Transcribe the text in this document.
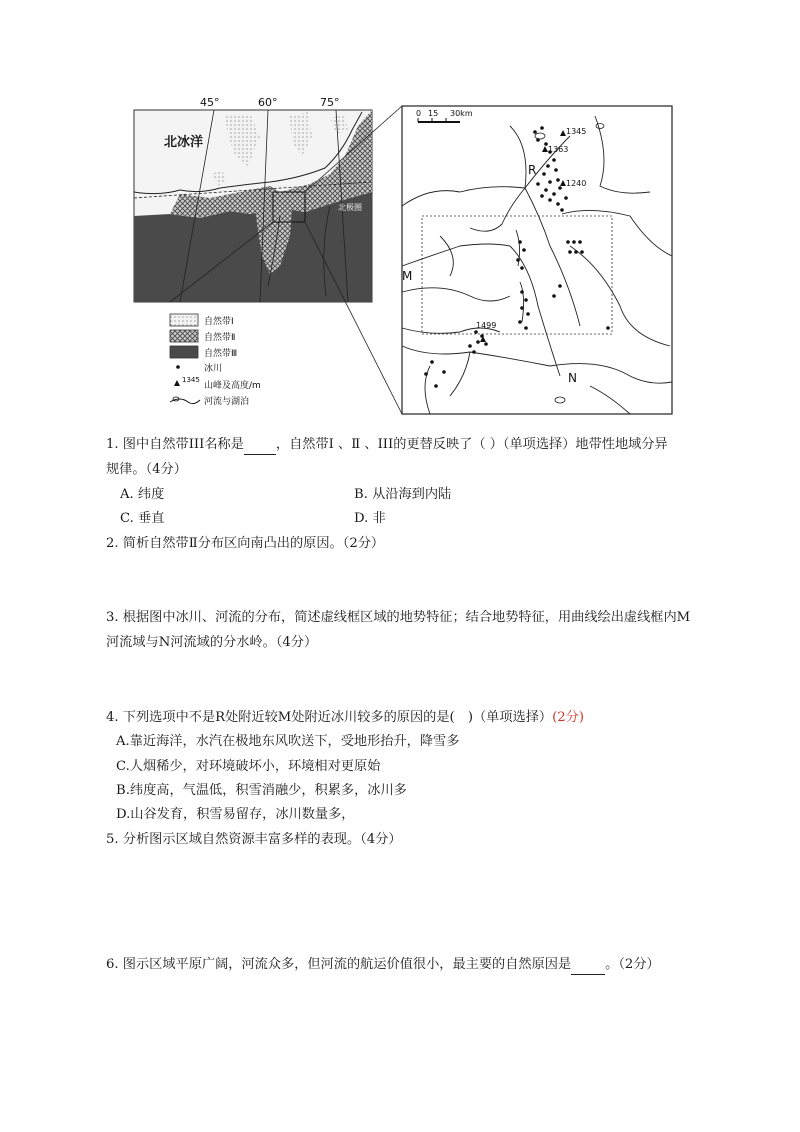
45°	60°	75°
北冰洋
北极圈
自然带Ⅰ
自然带Ⅱ
自然带Ⅲ
冰川
1345
山峰及高度/m
河流与湖泊
0 15 30km
1345
1363
1240
1499
R
M
N
1. 图中自然带III名称是 ，自然带Ⅰ 、Ⅱ 、III的更替反映了（ ）（单项选择）地带性地域分异
规律。（4分）
A. 纬度	B. 从沿海到内陆
C. 垂直	D. 非
2. 简析自然带Ⅱ分布区向南凸出的原因。（2分）
3. 根据图中冰川、河流的分布，简述虚线框区域的地势特征；结合地势特征，用曲线绘出虚线框内M
河流域与N河流域的分水岭。（4分）
4. 下列选项中不是R处附近较M处附近冰川较多的原因的是(　)（单项选择）(2分)
A.靠近海洋，水汽在极地东风吹送下，受地形抬升，降雪多
C.人烟稀少，对环境破坏小，环境相对更原始
B.纬度高，气温低，积雪消融少，积累多，冰川多
D.山谷发育，积雪易留存，冰川数量多，
5. 分析图示区域自然资源丰富多样的表现。（4分）
6. 图示区域平原广阔，河流众多，但河流的航运价值很小，最主要的自然原因是	。（2分）
